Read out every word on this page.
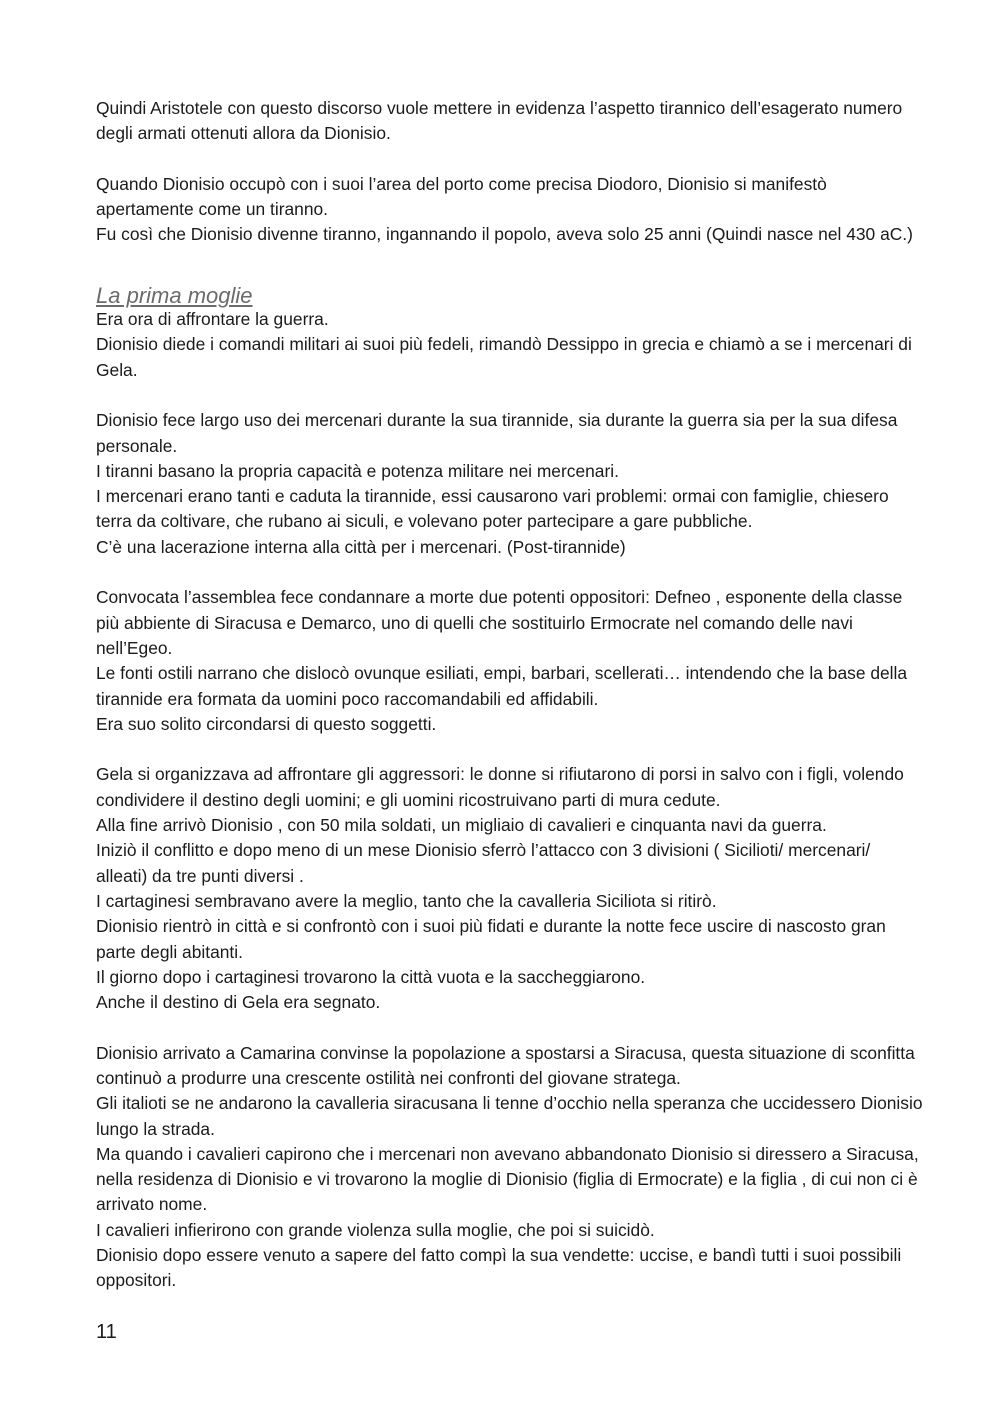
Quindi Aristotele con questo discorso vuole mettere in evidenza l’aspetto tirannico dell’esagerato numero degli armati ottenuti allora da Dionisio.

Quando Dionisio occupò con i suoi l’area del porto come precisa Diodoro, Dionisio si manifestò apertamente come un tiranno.

Fu così che Dionisio divenne tiranno, ingannando il popolo, aveva solo 25 anni (Quindi nasce nel 430 aC.)

La prima moglie

Era ora di affrontare la guerra.

Dionisio diede i comandi militari ai suoi più fedeli, rimandò Dessippo in grecia e chiamò a se i mercenari di Gela.

Dionisio fece largo uso dei mercenari durante la sua tirannide, sia durante la guerra sia per la sua difesa personale.

I tiranni basano la propria capacità e potenza militare nei mercenari.

I mercenari erano tanti e caduta la tirannide, essi causarono vari problemi: ormai con famiglie, chiesero terra da coltivare, che rubano ai siculi, e volevano poter partecipare a gare pubbliche.

C’è una lacerazione interna alla città per i mercenari. (Post-tirannide)

Convocata l’assemblea fece condannare a morte due potenti oppositori: Defneo , esponente della classe più abbiente di Siracusa e Demarco, uno di quelli che sostituirlo Ermocrate nel comando delle navi nell’Egeo.

Le fonti ostili narrano che dislocò ovunque esiliati, empi, barbari, scellerati… intendendo che la base della tirannide era formata da uomini poco raccomandabili ed affidabili.

Era suo solito circondarsi di questo soggetti.

Gela si organizzava ad affrontare gli aggressori: le donne si rifiutarono di porsi in salvo con i figli, volendo condividere il destino degli uomini; e gli uomini ricostruivano parti di mura cedute.

Alla fine arrivò Dionisio , con 50 mila soldati, un migliaio di cavalieri e cinquanta navi da guerra.

Iniziò il conflitto e dopo meno di un mese Dionisio sferrò l’attacco con 3 divisioni ( Sicilioti/ mercenari/ alleati) da tre punti diversi .

I cartaginesi sembravano avere la meglio, tanto che la cavalleria Siciliota si ritirò.

Dionisio rientrò in città e si confrontò con i suoi più fidati e durante la notte fece uscire di nascosto gran parte degli abitanti.

Il giorno dopo i cartaginesi trovarono la città vuota e la saccheggiarono.

Anche il destino di Gela era segnato.

Dionisio arrivato a Camarina convinse la popolazione a spostarsi a Siracusa, questa situazione di sconfitta continuò a produrre una crescente ostilità nei confronti del giovane stratega.

Gli italioti se ne andarono la cavalleria siracusana li tenne d’occhio nella speranza che uccidessero Dionisio lungo la strada.

Ma quando i cavalieri capirono che i mercenari non avevano abbandonato Dionisio si diressero a Siracusa, nella residenza di Dionisio e vi trovarono la moglie di Dionisio (figlia di Ermocrate) e la figlia , di cui non ci è arrivato nome.

I cavalieri infierirono con grande violenza sulla moglie, che poi si suicidò.

Dionisio dopo essere venuto a sapere del fatto compì la sua vendette: uccise, e bandì tutti i suoi possibili oppositori.

11
